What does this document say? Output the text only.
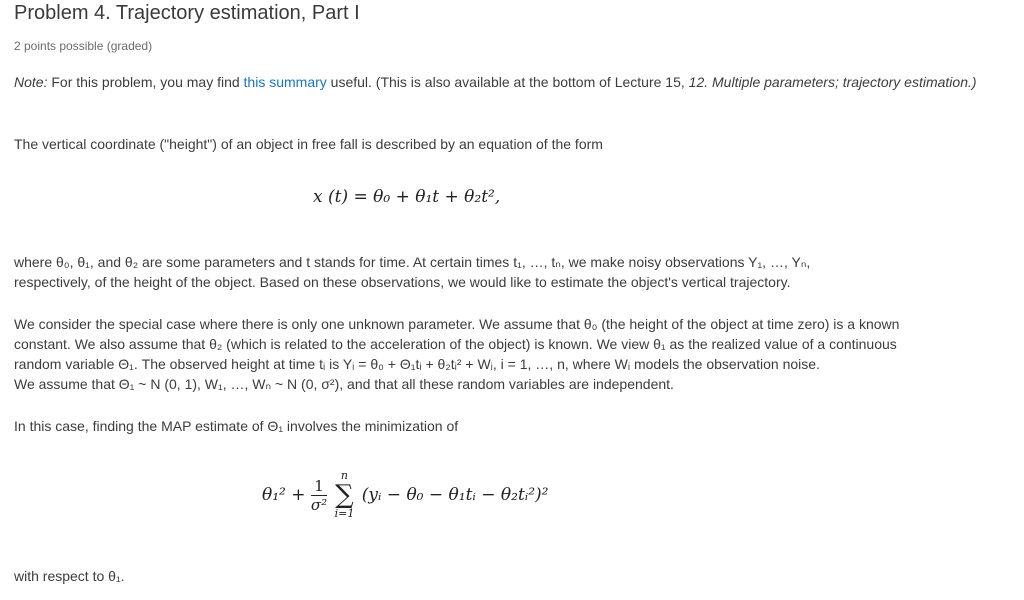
Problem 4. Trajectory estimation, Part I
2 points possible (graded)
Note: For this problem, you may find this summary useful. (This is also available at the bottom of Lecture 15, 12. Multiple parameters; trajectory estimation.)
The vertical coordinate ("height") of an object in free fall is described by an equation of the form
x (t) = θ₀ + θ₁t + θ₂t²,
where θ₀, θ₁, and θ₂ are some parameters and t stands for time. At certain times t₁, …, tₙ, we make noisy observations Y₁, …, Yₙ,
respectively, of the height of the object. Based on these observations, we would like to estimate the object's vertical trajectory.
We consider the special case where there is only one unknown parameter. We assume that θ₀ (the height of the object at time zero) is a known
constant. We also assume that θ₂ (which is related to the acceleration of the object) is known. We view θ₁ as the realized value of a continuous
random variable Θ₁. The observed height at time tᵢ is Yᵢ = θ₀ + Θ₁tᵢ + θ₂tᵢ² + Wᵢ, i = 1, …, n, where Wᵢ models the observation noise.
We assume that Θ₁ ~ N (0, 1), W₁, …, Wₙ ~ N (0, σ²), and that all these random variables are independent.
In this case, finding the MAP estimate of Θ₁ involves the minimization of
$\theta_1^2 + \frac{1}{\text{σ²}}$

n
∑
i=1
(yᵢ − θ₀ − θ₁tᵢ − θ₂tᵢ²)²
with respect to θ₁.
